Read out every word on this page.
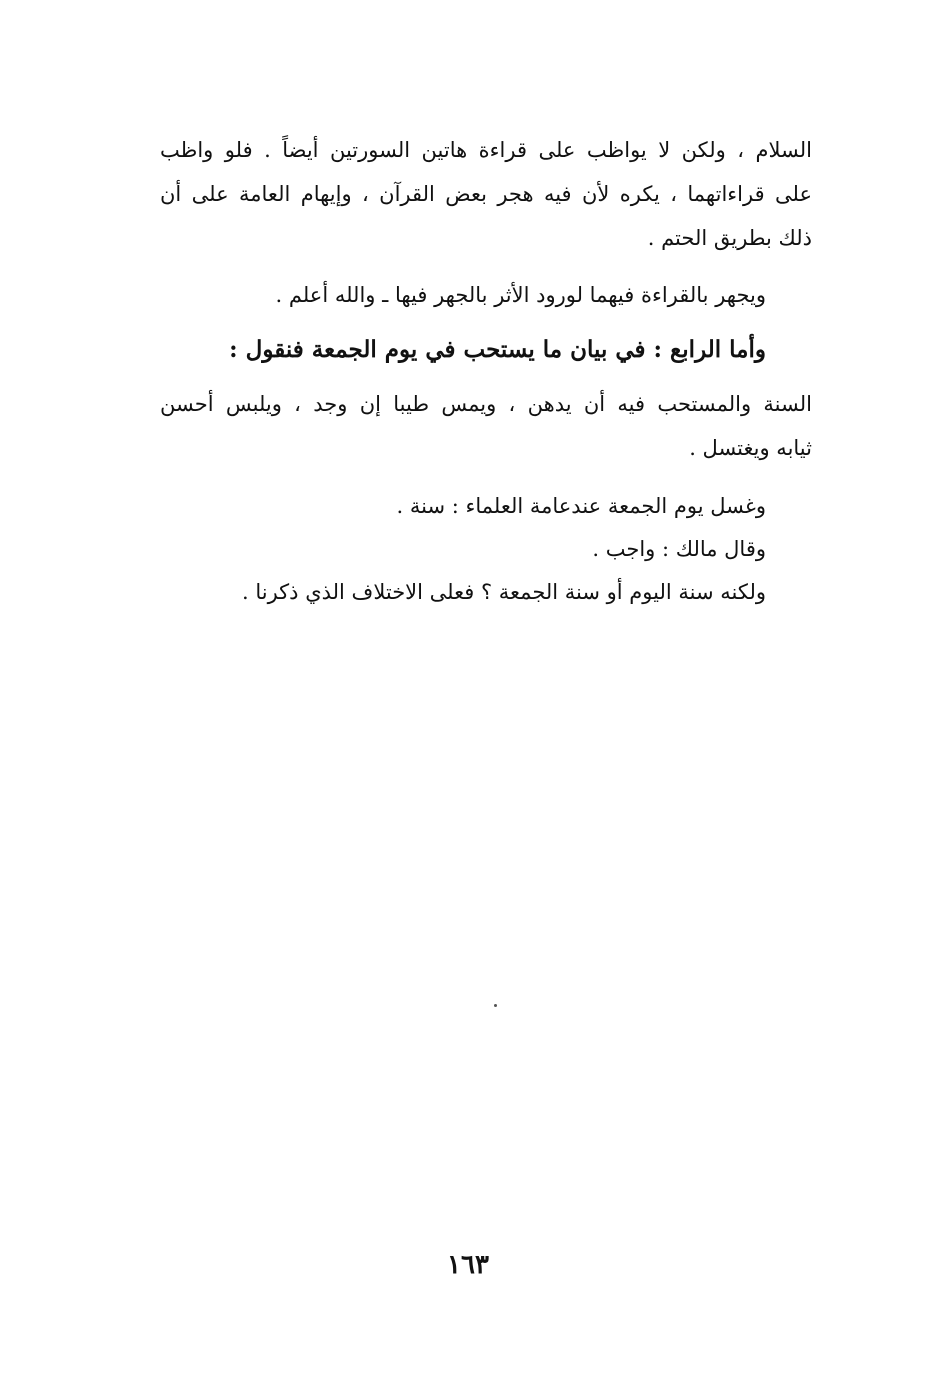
السلام ، ولكن لا يواظب على قراءة هاتين السورتين أيضاً . فلو واظب
على قراءاتهما ، يكره لأن فيه هجر بعض القرآن ، وإيهام العامة على أن
ذلك بطريق الحتم .
ويجهر بالقراءة فيهما لورود الأثر بالجهر فيها ـ والله أعلم .
وأما الرابع : في بيان ما يستحب في يوم الجمعة فنقول :
السنة والمستحب فيه أن يدهن ، ويمس طيبا إن وجد ، ويلبس أحسن
ثيابه ويغتسل .
وغسل يوم الجمعة عندعامة العلماء : سنة .
وقال مالك : واجب .
ولكنه سنة اليوم أو سنة الجمعة ؟ فعلى الاختلاف الذي ذكرنا .
١٦٣
